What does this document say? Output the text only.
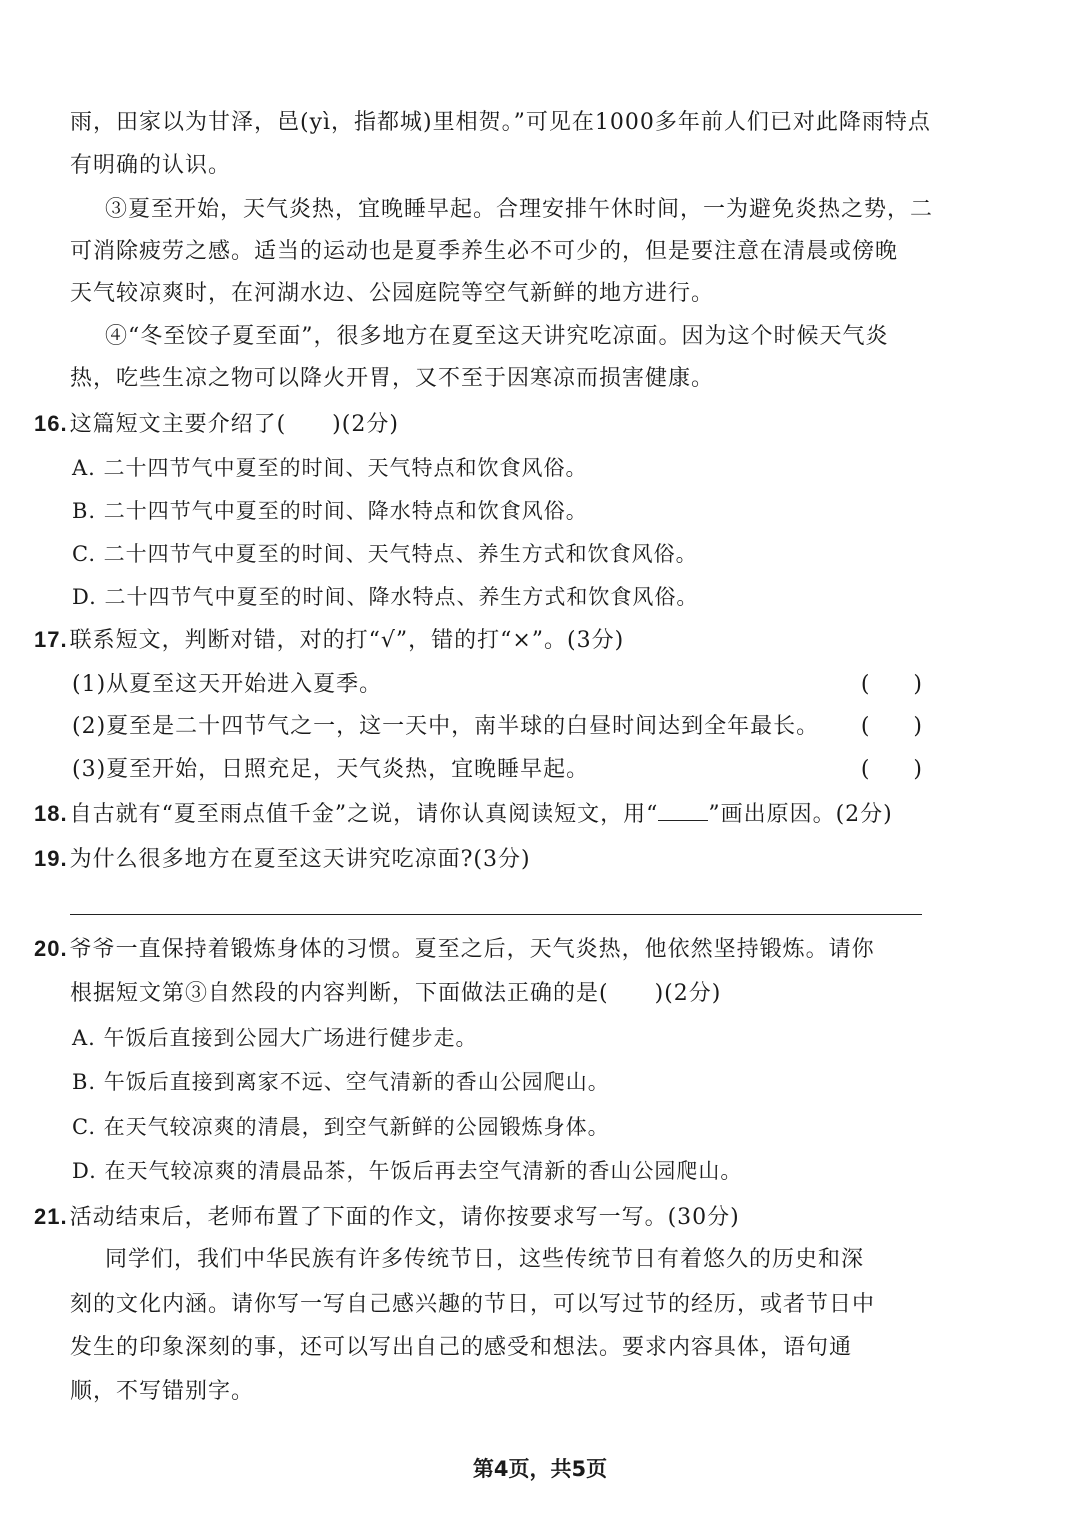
雨，田家以为甘泽，邑(yì，指都城)里相贺。”可见在1000多年前人们已对此降雨特点
有明确的认识。
③夏至开始，天气炎热，宜晚睡早起。合理安排午休时间，一为避免炎热之势，二
可消除疲劳之感。适当的运动也是夏季养生必不可少的，但是要注意在清晨或傍晚
天气较凉爽时，在河湖水边、公园庭院等空气新鲜的地方进行。
④“冬至饺子夏至面”，很多地方在夏至这天讲究吃凉面。因为这个时候天气炎
热，吃些生凉之物可以降火开胃，又不至于因寒凉而损害健康。
16.这篇短文主要介绍了(　　)(2分)
A. 二十四节气中夏至的时间、天气特点和饮食风俗。
B. 二十四节气中夏至的时间、降水特点和饮食风俗。
C. 二十四节气中夏至的时间、天气特点、养生方式和饮食风俗。
D. 二十四节气中夏至的时间、降水特点、养生方式和饮食风俗。
17.联系短文，判断对错，对的打“√”，错的打“×”。(3分)
(1)从夏至这天开始进入夏季。	(　　)
(2)夏至是二十四节气之一，这一天中，南半球的白昼时间达到全年最长。	(　　)
(3)夏至开始，日照充足，天气炎热，宜晚睡早起。	(　　)
18.自古就有“夏至雨点值千金”之说，请你认真阅读短文，用“ ”画出原因。(2分)
19.为什么很多地方在夏至这天讲究吃凉面?(3分)
20.爷爷一直保持着锻炼身体的习惯。夏至之后，天气炎热，他依然坚持锻炼。请你
根据短文第③自然段的内容判断，下面做法正确的是(　　)(2分)
A. 午饭后直接到公园大广场进行健步走。
B. 午饭后直接到离家不远、空气清新的香山公园爬山。
C. 在天气较凉爽的清晨，到空气新鲜的公园锻炼身体。
D. 在天气较凉爽的清晨品茶，午饭后再去空气清新的香山公园爬山。
21.活动结束后，老师布置了下面的作文，请你按要求写一写。(30分)
同学们，我们中华民族有许多传统节日，这些传统节日有着悠久的历史和深
刻的文化内涵。请你写一写自己感兴趣的节日，可以写过节的经历，或者节日中
发生的印象深刻的事，还可以写出自己的感受和想法。要求内容具体，语句通
顺，不写错别字。
第4页，共5页
